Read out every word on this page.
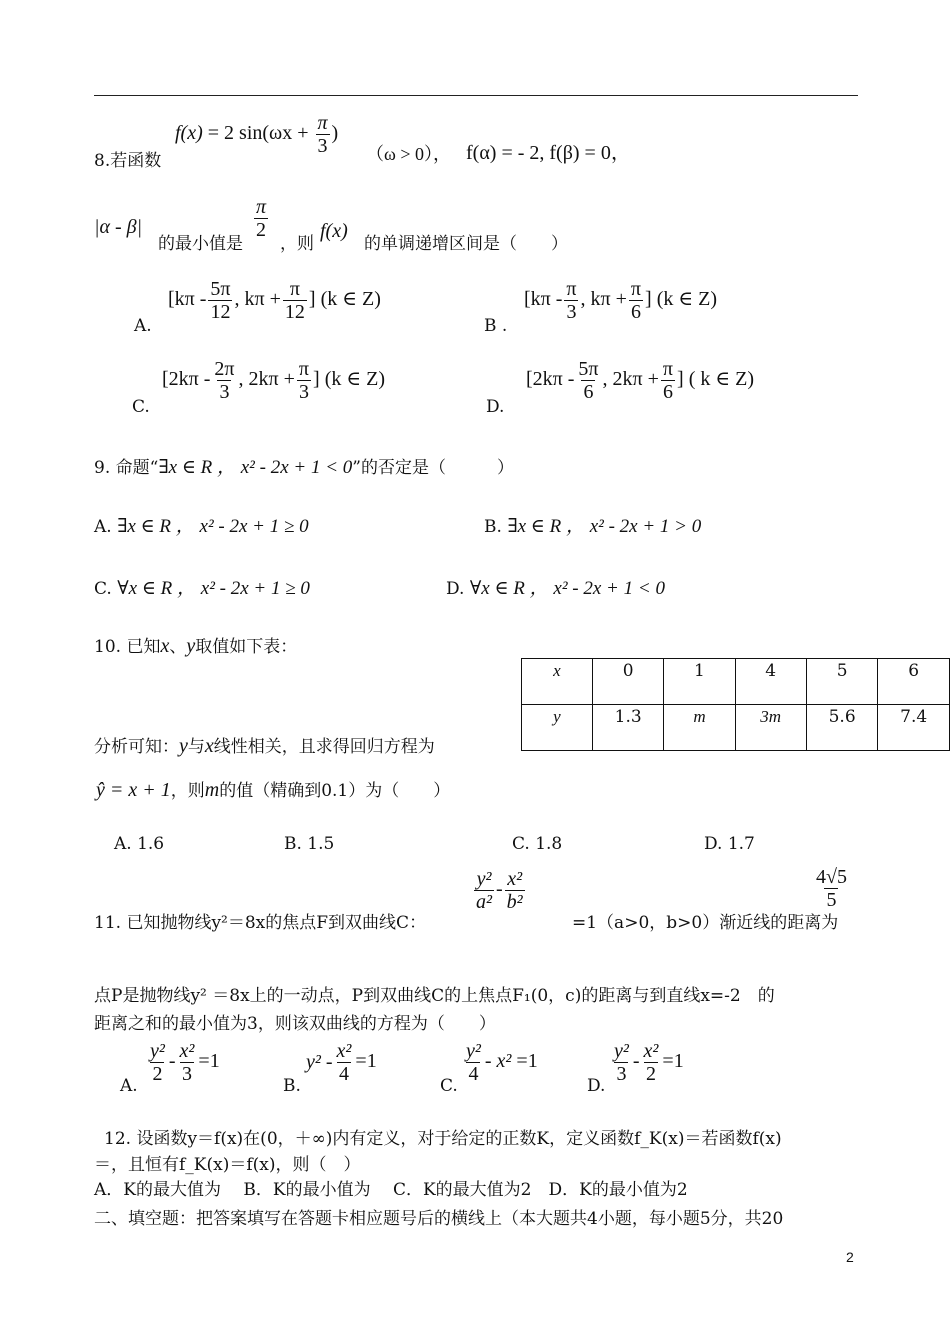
8.若函数
f(x) = 2 $\sin(\omega x + \frac{\pi}{3}$ )
（ω > 0）， f(α) = - 2, f(β) = 0，
|α - β|
的最小值是
$\frac{\pi}{2}$
，则
f(x)
的单调递增区间是（　　）
A.
[$k\pi - \frac{5\pi}{12}$ , $k\pi + \frac{\pi}{12}$ ] (k ∈ Z)
B .
[$k\pi - \frac{\pi}{3}$ , $k\pi + \frac{\pi}{6}$ ] (k ∈ Z)
C.
[$2k\pi - \frac{2\pi}{3}$ , $2k\pi + \frac{\pi}{3}$ ] (k ∈ Z)
D.
[$2k\pi - \frac{5\pi}{6}$ , $2k\pi + \frac{\pi}{6}$ ] ( k ∈ Z)
9. 命题“∃x ∈ R ， x² - 2x + 1 < 0”的否定是（　　　）
A. ∃x ∈ R ， x² - 2x + 1 ≥ 0	B. ∃x ∈ R ， x² - 2x + 1 > 0
C. ∀x ∈ R ， x² - 2x + 1 ≥ 0	D. ∀x ∈ R ， x² - 2x + 1 < 0
10. 已知x、y取值如下表：
x	0	1	4	5	6
y	1.3	m	3m	5.6	7.4
分析可知：y与x线性相关，且求得回归方程为
ŷ = x + 1，则m的值（精确到0.1）为（　　）
A. 1.6	B. 1.5	C. 1.8	D. 1.7
11. 已知抛物线y²＝8x的焦点F到双曲线C：
$\frac{\text{y²}}{\text{a²}} - \frac{\text{x²}}{\text{b²}}$
=1（a>0，b>0）渐近线的距离为
$\frac{4√5}{5}$
点P是抛物线y² ＝8x上的一动点，P到双曲线C的上焦点F₁(0，c)的距离与到直线x=-2　的
距离之和的最小值为3，则该双曲线的方程为（　　）
A.	B.	C.	D.
$\frac{\text{y²}}{2} - \frac{\text{x²}}{3} =1$	$y^2 - \frac{\text{x²}}{4} =1$	$\frac{\text{y²}}{4} - x^2 =1$	$\frac{\text{y²}}{3} - \frac{\text{x²}}{2} =1$
12. 设函数y＝f(x)在(0，＋∞)内有定义，对于给定的正数K，定义函数f_K(x)＝若函数f(x)
＝，且恒有f_K(x)＝f(x)，则（　）
A．K的最大值为　 B．K的最小值为　 C．K的最大值为2　D．K的最小值为2
二、填空题：把答案填写在答题卡相应题号后的横线上（本大题共4小题，每小题5分，共20
2
